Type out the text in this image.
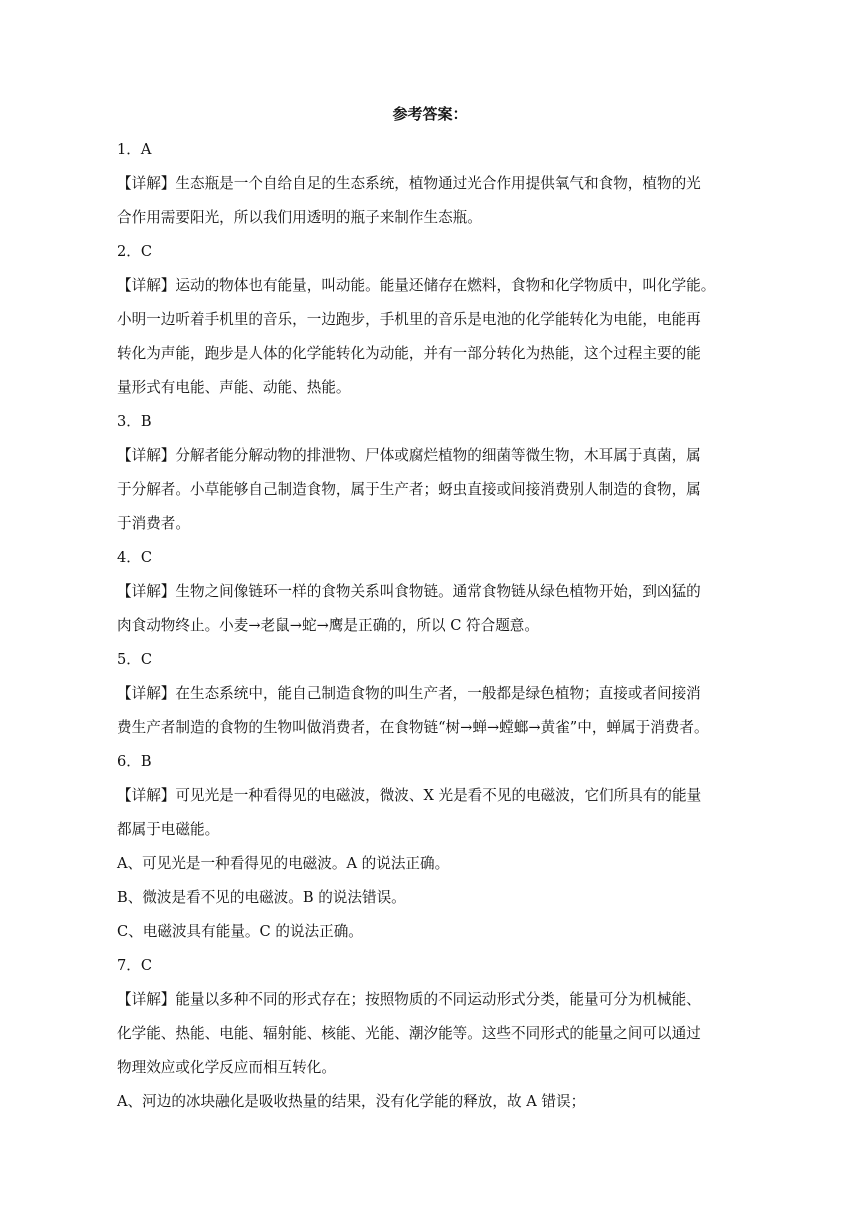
参考答案：
1．A
【详解】生态瓶是一个自给自足的生态系统，植物通过光合作用提供氧气和食物，植物的光
合作用需要阳光，所以我们用透明的瓶子来制作生态瓶。
2．C
【详解】运动的物体也有能量，叫动能。能量还储存在燃料，食物和化学物质中，叫化学能。
小明一边听着手机里的音乐，一边跑步，手机里的音乐是电池的化学能转化为电能，电能再
转化为声能，跑步是人体的化学能转化为动能，并有一部分转化为热能，这个过程主要的能
量形式有电能、声能、动能、热能。
3．B
【详解】分解者能分解动物的排泄物、尸体或腐烂植物的细菌等微生物，木耳属于真菌，属
于分解者。小草能够自己制造食物，属于生产者；蚜虫直接或间接消费别人制造的食物，属
于消费者。
4．C
【详解】生物之间像链环一样的食物关系叫食物链。通常食物链从绿色植物开始，到凶猛的
肉食动物终止。小麦→老鼠→蛇→鹰是正确的，所以 C 符合题意。
5．C
【详解】在生态系统中，能自己制造食物的叫生产者，一般都是绿色植物；直接或者间接消
费生产者制造的食物的生物叫做消费者，在食物链“树→蝉→螳螂→黄雀”中，蝉属于消费者。
6．B
【详解】可见光是一种看得见的电磁波，微波、X 光是看不见的电磁波，它们所具有的能量
都属于电磁能。
A、可见光是一种看得见的电磁波。A 的说法正确。
B、微波是看不见的电磁波。B 的说法错误。
C、电磁波具有能量。C 的说法正确。
7．C
【详解】能量以多种不同的形式存在；按照物质的不同运动形式分类，能量可分为机械能、
化学能、热能、电能、辐射能、核能、光能、潮汐能等。这些不同形式的能量之间可以通过
物理效应或化学反应而相互转化。
A、河边的冰块融化是吸收热量的结果，没有化学能的释放，故 A 错误；
